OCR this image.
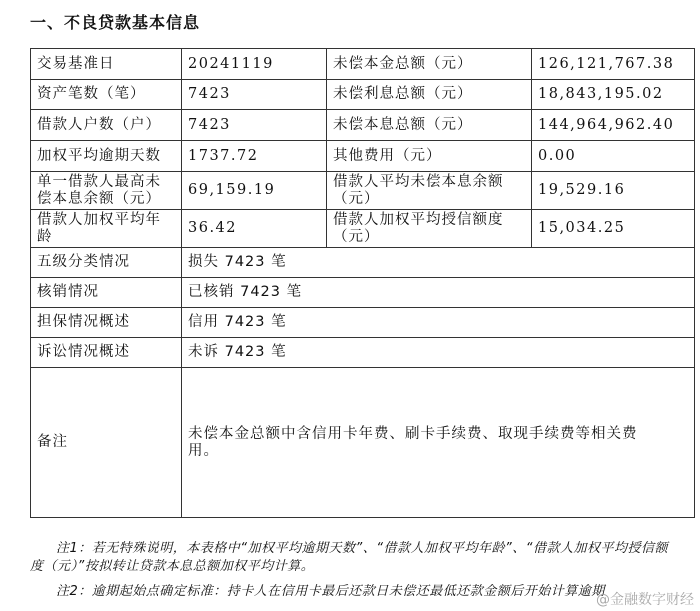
一、不良贷款基本信息
交易基准日	20241119	未偿本金总额（元）	126,121,767.38
资产笔数（笔）	7423	未偿利息总额（元）	18,843,195.02
借款人户数（户）	7423	未偿本息总额（元）	144,964,962.40
加权平均逾期天数	1737.72	其他费用（元）	0.00
单一借款人最高未偿本息余额（元）	69,159.19	借款人平均未偿本息余额（元）	19,529.16
借款人加权平均年龄	36.42	借款人加权平均授信额度（元）	15,034.25
五级分类情况	损失 7423 笔		
核销情况	已核销 7423 笔		
担保情况概述	信用 7423 笔		
诉讼情况概述	未诉 7423 笔		
备注	未偿本金总额中含信用卡年费、刷卡手续费、取现手续费等相关费用。		
注1：若无特殊说明，本表格中“加权平均逾期天数”、“借款人加权平均年龄”、“借款人加权平均授信额度（元）”按拟转让贷款本息总额加权平均计算。
注2：逾期起始点确定标准：持卡人在信用卡最后还款日未偿还最低还款金额后开始计算逾期
@金融数字财经
